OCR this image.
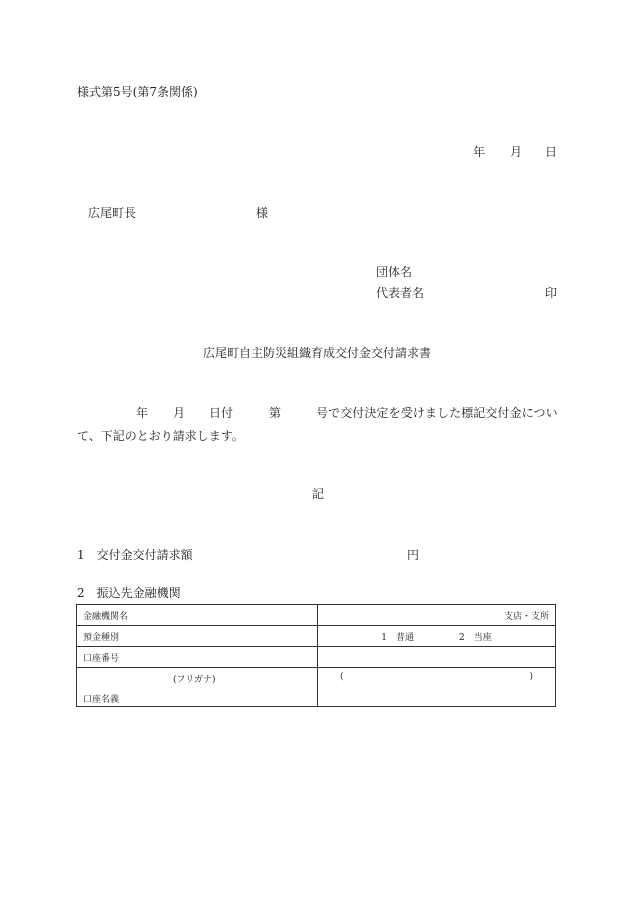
様式第5号(第7条関係)
年 月 日
広尾町長	様
団体名
代表者名	印
広尾町自主防災組織育成交付金交付請求書
年 月 日付	第	号で交付決定を受けました標記交付金につい
て、下記のとおり請求します。
記
1　交付金交付請求額	円
2　振込先金融機関
金融機関名	支店・支所
預金種別	1　普通　　　　　2　当座
口座番号	

(フリガナ)
口座名義	( )
